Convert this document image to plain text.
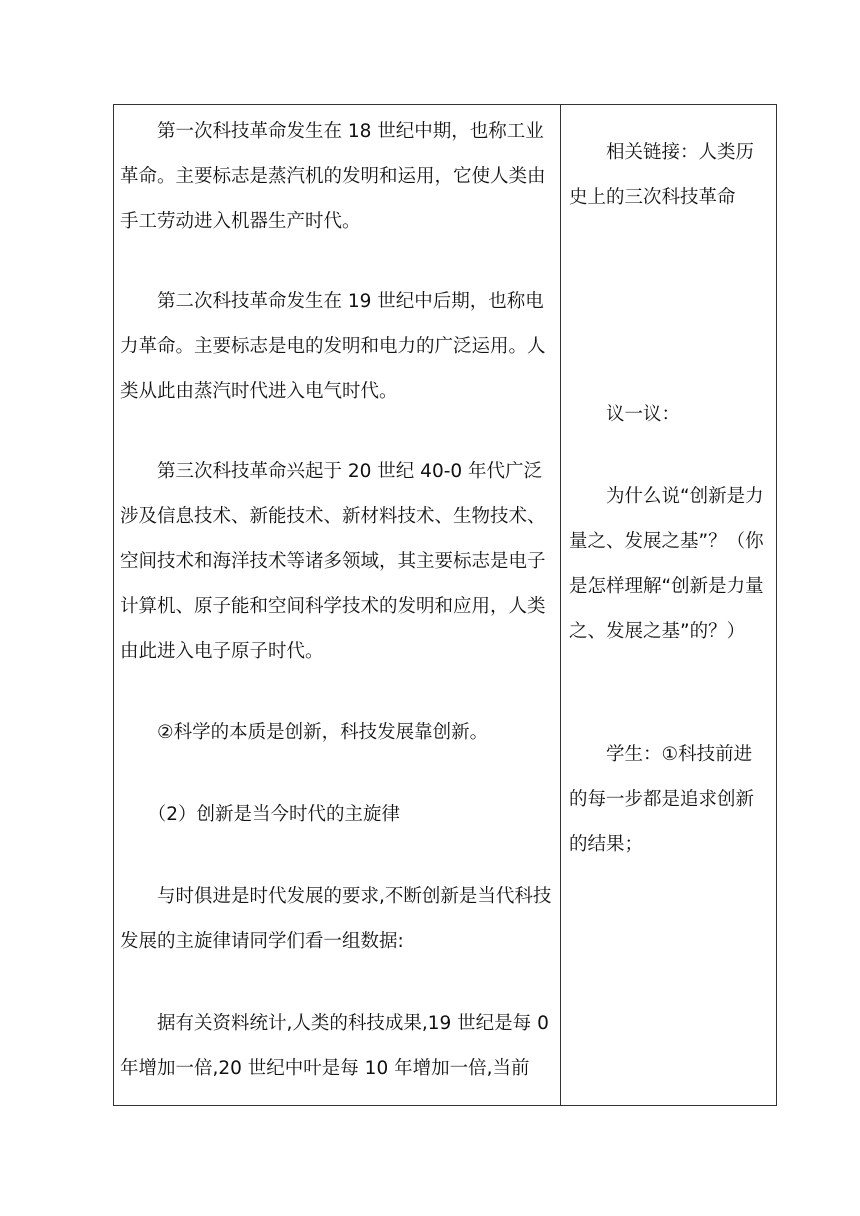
　　第一次科技革命发生在 18 世纪中期，也称工业革命。主要标志是蒸汽机的发明和运用，它使人类由手工劳动进入机器生产时代。

　　第二次科技革命发生在 19 世纪中后期，也称电力革命。主要标志是电的发明和电力的广泛运用。人类从此由蒸汽时代进入电气时代。

　　第三次科技革命兴起于 20 世纪 40-0 年代广泛涉及信息技术、新能技术、新材料技术、生物技术、空间技术和海洋技术等诸多领域，其主要标志是电子计算机、原子能和空间科学技术的发明和应用，人类由此进入电子原子时代。

　　②科学的本质是创新，科技发展靠创新。

　　（2）创新是当今时代的主旋律

　　与时俱进是时代发展的要求,不断创新是当代科技发展的主旋律请同学们看一组数据:

　　据有关资料统计,人类的科技成果,19 世纪是每 0 年增加一倍,20 世纪中叶是每 10 年增加一倍,当前

　　相关链接：人类历史上的三次科技革命

　　议一议：

　　为什么说“创新是力量之、发展之基”？（你是怎样理解“创新是力量之、发展之基”的？）

　　学生：①科技前进的每一步都是追求创新的结果；
